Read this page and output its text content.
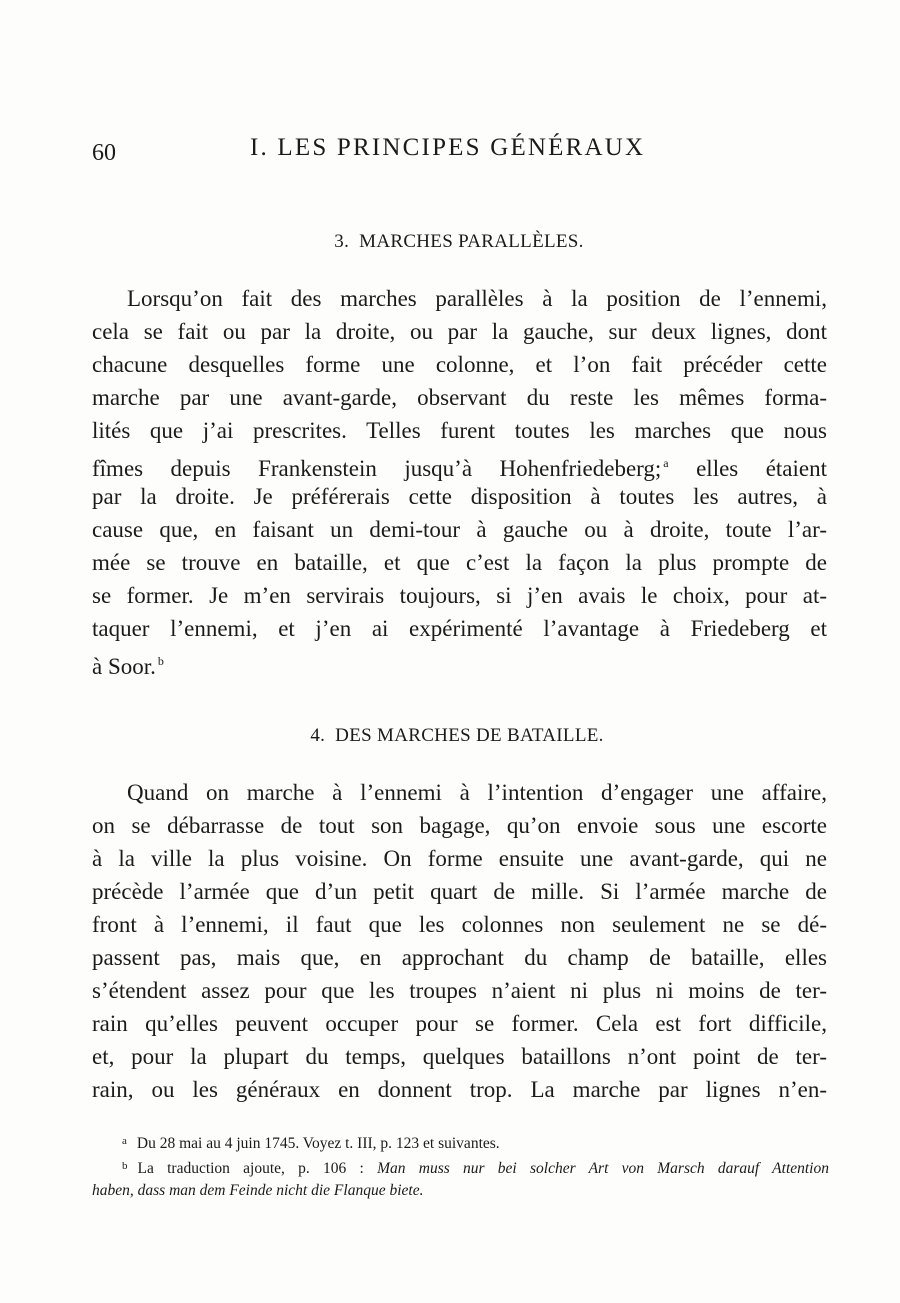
60	I. LES PRINCIPES GÉNÉRAUX
3. MARCHES PARALLÈLES.
Lorsqu’on fait des marches parallèles à la position de l’ennemi,
cela se fait ou par la droite, ou par la gauche, sur deux lignes, dont
chacune desquelles forme une colonne, et l’on fait précéder cette
marche par une avant-garde, observant du reste les mêmes forma-
lités que j’ai prescrites. Telles furent toutes les marches que nous
fîmes depuis Frankenstein jusqu’à Hohenfriedeberg; $^a$ elles étaient
par la droite. Je préférerais cette disposition à toutes les autres, à
cause que, en faisant un demi-tour à gauche ou à droite, toute l’ar-
mée se trouve en bataille, et que c’est la façon la plus prompte de
se former. Je m’en servirais toujours, si j’en avais le choix, pour at-
taquer l’ennemi, et j’en ai expérimenté l’avantage à Friedeberg et
à Soor. $^b$
4. DES MARCHES DE BATAILLE.
Quand on marche à l’ennemi à l’intention d’engager une affaire,
on se débarrasse de tout son bagage, qu’on envoie sous une escorte
à la ville la plus voisine. On forme ensuite une avant-garde, qui ne
précède l’armée que d’un petit quart de mille. Si l’armée marche de
front à l’ennemi, il faut que les colonnes non seulement ne se dé-
passent pas, mais que, en approchant du champ de bataille, elles
s’étendent assez pour que les troupes n’aient ni plus ni moins de ter-
rain qu’elles peuvent occuper pour se former. Cela est fort difficile,
et, pour la plupart du temps, quelques bataillons n’ont point de ter-
rain, ou les généraux en donnent trop. La marche par lignes n’en-
$^a$ Du 28 mai au 4 juin 1745. Voyez t. III, p. 123 et suivantes.
$^b$ La traduction ajoute, p. 106 : Man muss nur bei solcher Art von Marsch darauf Attention
haben, dass man dem Feinde nicht die Flanque biete.
